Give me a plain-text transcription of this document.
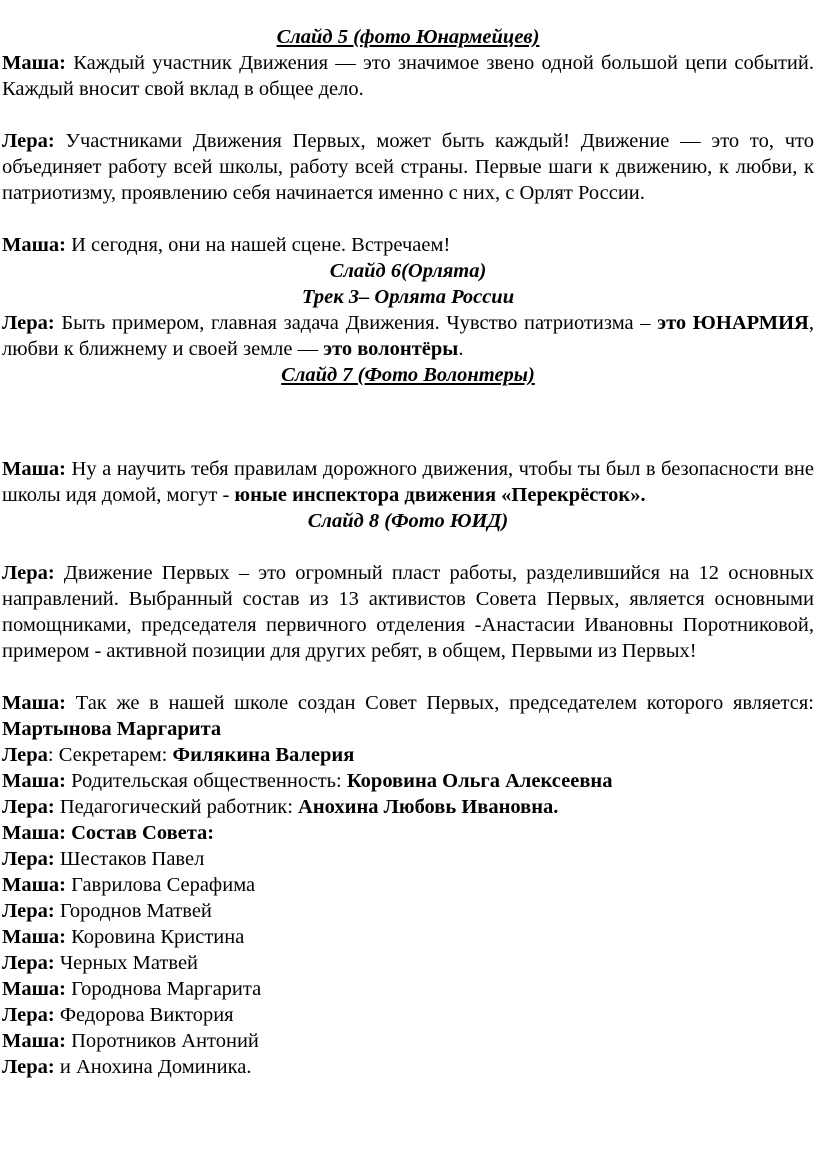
Слайд 5 (фото Юнармейцев)

Маша: Каждый участник Движения — это значимое звено одной большой цепи событий. Каждый вносит свой вклад в общее дело.

Лера: Участниками Движения Первых, может быть каждый! Движение — это то, что объединяет работу всей школы, работу всей страны. Первые шаги к движению, к любви, к патриотизму, проявлению себя начинается именно с них, с Орлят России.

Маша: И сегодня, они на нашей сцене. Встречаем!

Слайд 6(Орлята)

Трек 3– Орлята России

Лера: Быть примером, главная задача Движения. Чувство патриотизма – это ЮНАРМИЯ, любви к ближнему и своей земле — это волонтёры.

Слайд 7 (Фото Волонтеры)

Маша: Ну а научить тебя правилам дорожного движения, чтобы ты был в безопасности вне школы идя домой, могут - юные инспектора движения «Перекрёсток».

Слайд 8 (Фото ЮИД)

Лера: Движение Первых – это огромный пласт работы, разделившийся на 12 основных направлений. Выбранный состав из 13 активистов Совета Первых, является основными помощниками, председателя первичного отделения -Анастасии Ивановны Поротниковой, примером - активной позиции для других ребят, в общем, Первыми из Первых!

Маша: Так же в нашей школе создан Совет Первых, председателем которого является: Мартынова Маргарита

Лера: Секретарем: Филякина Валерия

Маша: Родительская общественность: Коровина Ольга Алексеевна

Лера: Педагогический работник: Анохина Любовь Ивановна.

Маша: Состав Совета:

Лера: Шестаков Павел

Маша: Гаврилова Серафима

Лера: Городнов Матвей

Маша: Коровина Кристина

Лера: Черных Матвей

Маша: Городнова Маргарита

Лера: Федорова Виктория

Маша: Поротников Антоний

Лера: и Анохина Доминика.
